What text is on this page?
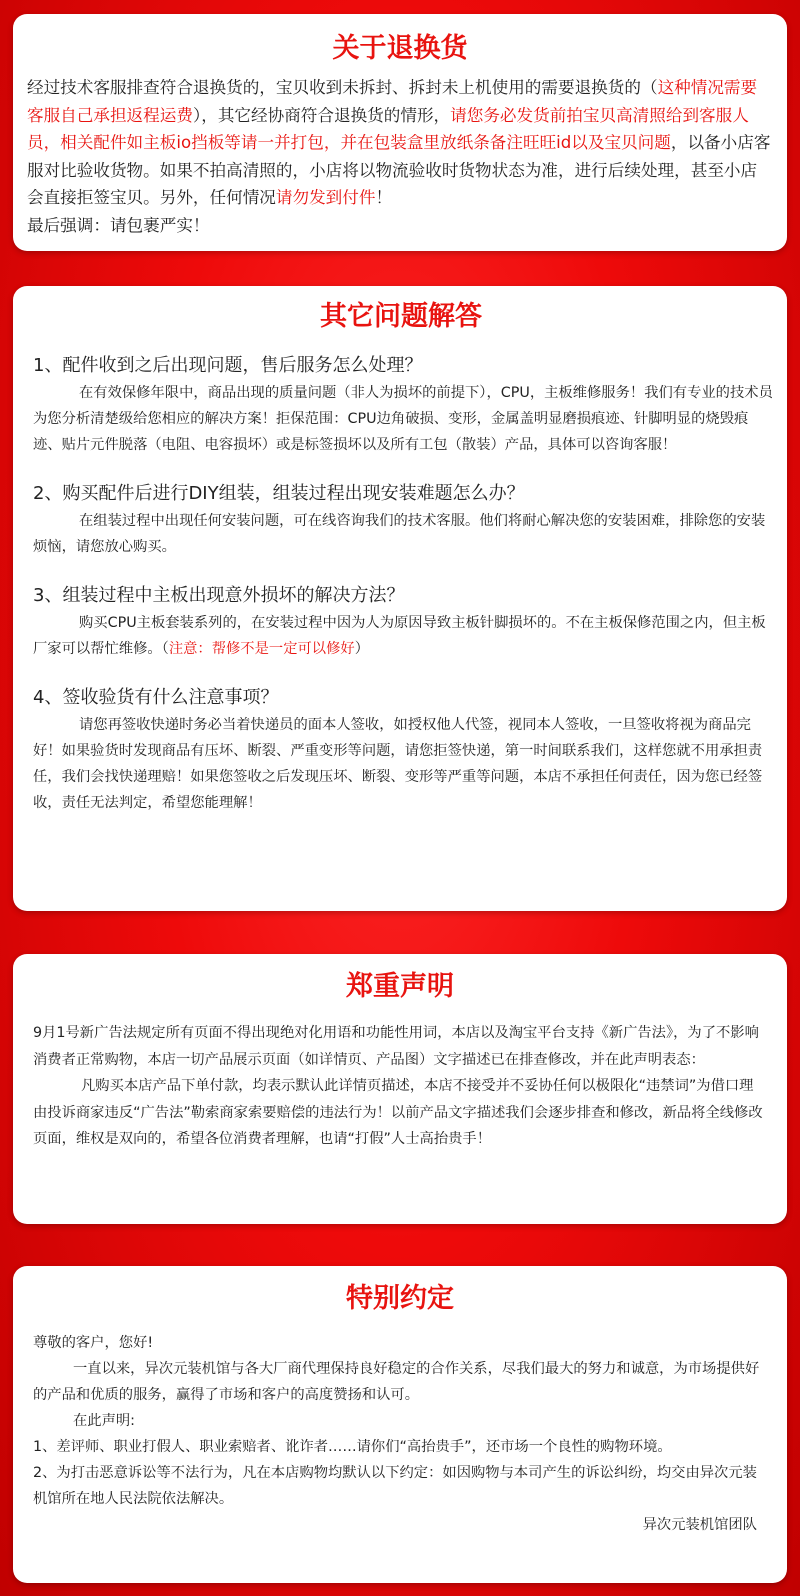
关于退换货

经过技术客服排查符合退换货的，宝贝收到未拆封、拆封未上机使用的需要退换货的（这种情况需要客服自己承担返程运费），其它经协商符合退换货的情形，请您务必发货前拍宝贝高清照给到客服人员，相关配件如主板io挡板等请一并打包，并在包装盒里放纸条备注旺旺id以及宝贝问题，以备小店客服对比验收货物。如果不拍高清照的，小店将以物流验收时货物状态为准，进行后续处理，甚至小店会直接拒签宝贝。另外，任何情况请勿发到付件！

最后强调：请包裹严实！

其它问题解答

1、配件收到之后出现问题，售后服务怎么处理？

在有效保修年限中，商品出现的质量问题（非人为损坏的前提下），CPU，主板维修服务！我们有专业的技术员为您分析清楚级给您相应的解决方案！拒保范围：CPU边角破损、变形，金属盖明显磨损痕迹、针脚明显的烧毁痕迹、贴片元件脱落（电阻、电容损坏）或是标签损坏以及所有工包（散装）产品，具体可以咨询客服！

2、购买配件后进行DIY组装，组装过程出现安装难题怎么办？

在组装过程中出现任何安装问题，可在线咨询我们的技术客服。他们将耐心解决您的安装困难，排除您的安装烦恼，请您放心购买。

3、组装过程中主板出现意外损坏的解决方法？

购买CPU主板套装系列的，在安装过程中因为人为原因导致主板针脚损坏的。不在主板保修范围之内，但主板厂家可以帮忙维修。（注意：帮修不是一定可以修好）

4、签收验货有什么注意事项？

请您再签收快递时务必当着快递员的面本人签收，如授权他人代签，视同本人签收，一旦签收将视为商品完好！如果验货时发现商品有压坏、断裂、严重变形等问题，请您拒签快递，第一时间联系我们，这样您就不用承担责任，我们会找快递理赔！如果您签收之后发现压坏、断裂、变形等严重等问题，本店不承担任何责任，因为您已经签收，责任无法判定，希望您能理解！

郑重声明

9月1号新广告法规定所有页面不得出现绝对化用语和功能性用词，本店以及淘宝平台支持《新广告法》，为了不影响消费者正常购物，本店一切产品展示页面（如详情页、产品图）文字描述已在排查修改，并在此声明表态：

凡购买本店产品下单付款，均表示默认此详情页描述，本店不接受并不妥协任何以极限化“违禁词”为借口理由投诉商家违反“广告法”勒索商家索要赔偿的违法行为！以前产品文字描述我们会逐步排查和修改，新品将全线修改页面，维权是双向的，希望各位消费者理解，也请“打假”人士高抬贵手！

特别约定

尊敬的客户，您好!

一直以来，异次元装机馆与各大厂商代理保持良好稳定的合作关系，尽我们最大的努力和诚意，为市场提供好的产品和优质的服务，赢得了市场和客户的高度赞扬和认可。

在此声明:

1、差评师、职业打假人、职业索赔者、讹诈者……请你们“高抬贵手”，还市场一个良性的购物环境。

2、为打击恶意诉讼等不法行为，凡在本店购物均默认以下约定：如因购物与本司产生的诉讼纠纷，均交由异次元装机馆所在地人民法院依法解决。

异次元装机馆团队
